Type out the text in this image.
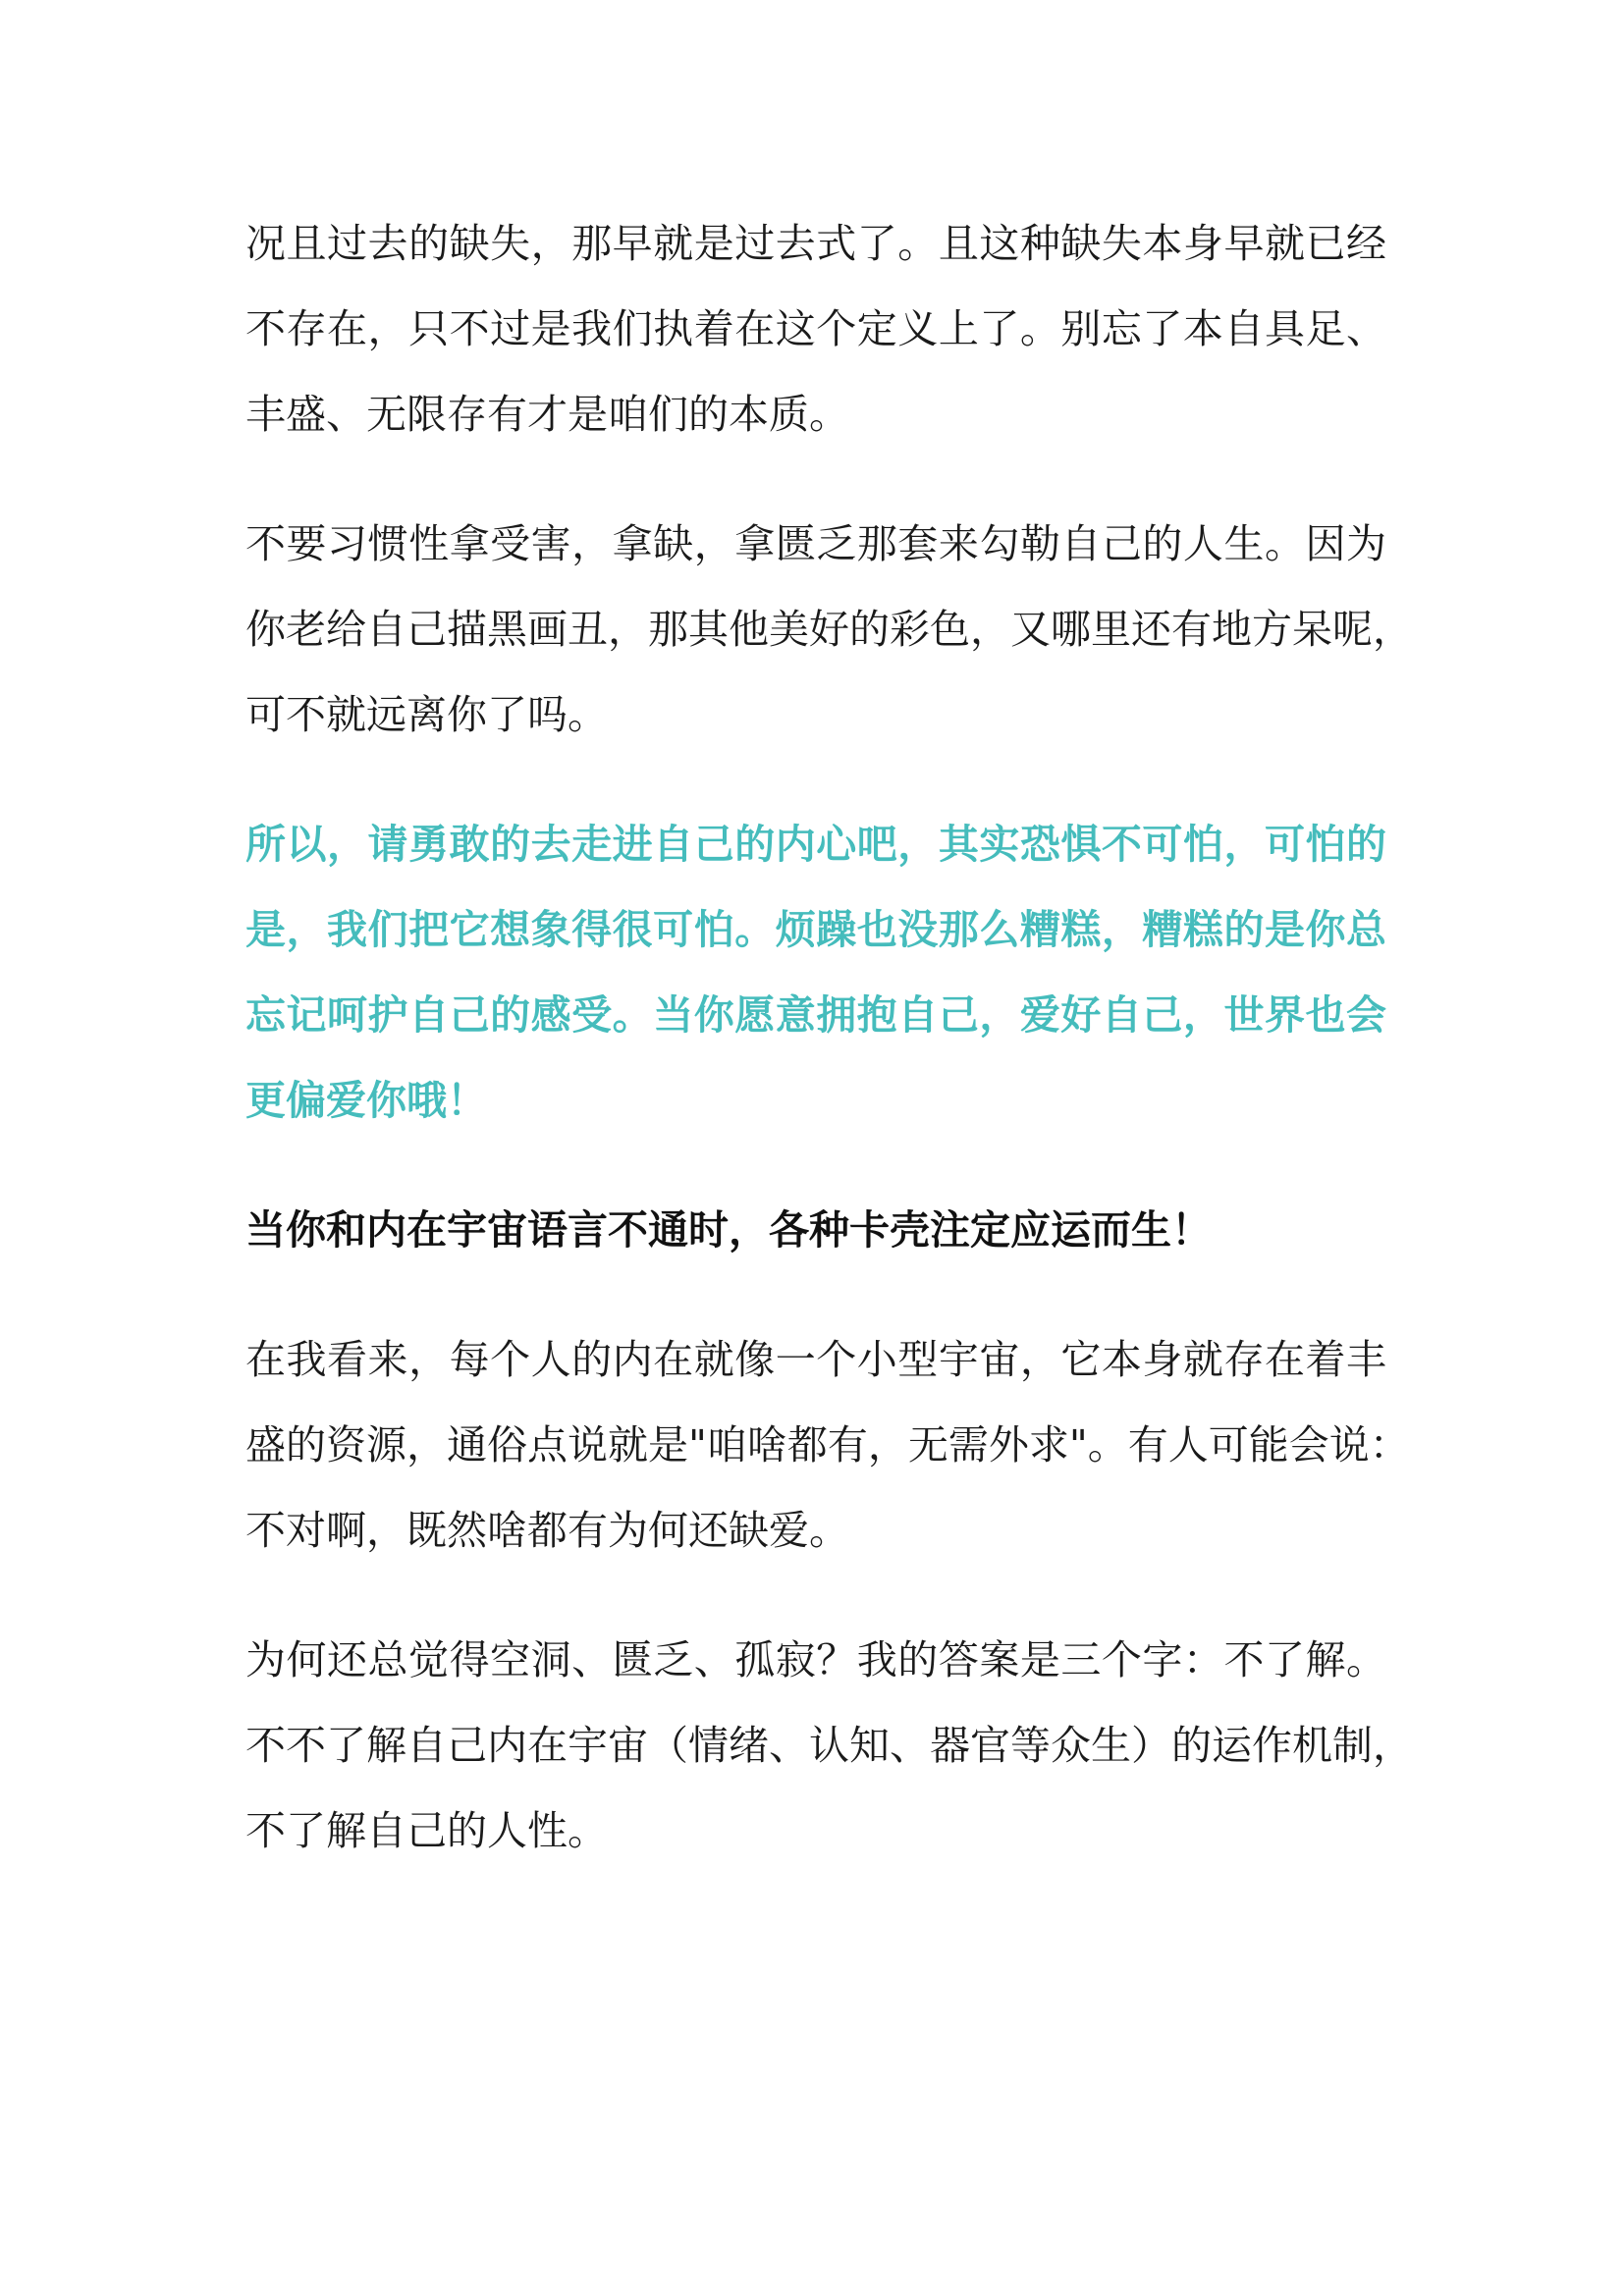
况且过去的缺失，那早就是过去式了。且这种缺失本身早就已经
不存在，只不过是我们执着在这个定义上了。别忘了本自具足、
丰盛、无限存有才是咱们的本质。
不要习惯性拿受害，拿缺，拿匮乏那套来勾勒自己的人生。因为
你老给自己描黑画丑，那其他美好的彩色，又哪里还有地方呆呢，
可不就远离你了吗。
所以，请勇敢的去走进自己的内心吧，其实恐惧不可怕，可怕的
是，我们把它想象得很可怕。烦躁也没那么糟糕，糟糕的是你总
忘记呵护自己的感受。当你愿意拥抱自己，爱好自己，世界也会
更偏爱你哦！
当你和内在宇宙语言不通时，各种卡壳注定应运而生！
在我看来，每个人的内在就像一个小型宇宙，它本身就存在着丰
盛的资源，通俗点说就是"咱啥都有，无需外求"。有人可能会说：
不对啊，既然啥都有为何还缺爱。
为何还总觉得空洞、匮乏、孤寂？我的答案是三个字：不了解。
不不了解自己内在宇宙（情绪、认知、器官等众生）的运作机制，
不了解自己的人性。
